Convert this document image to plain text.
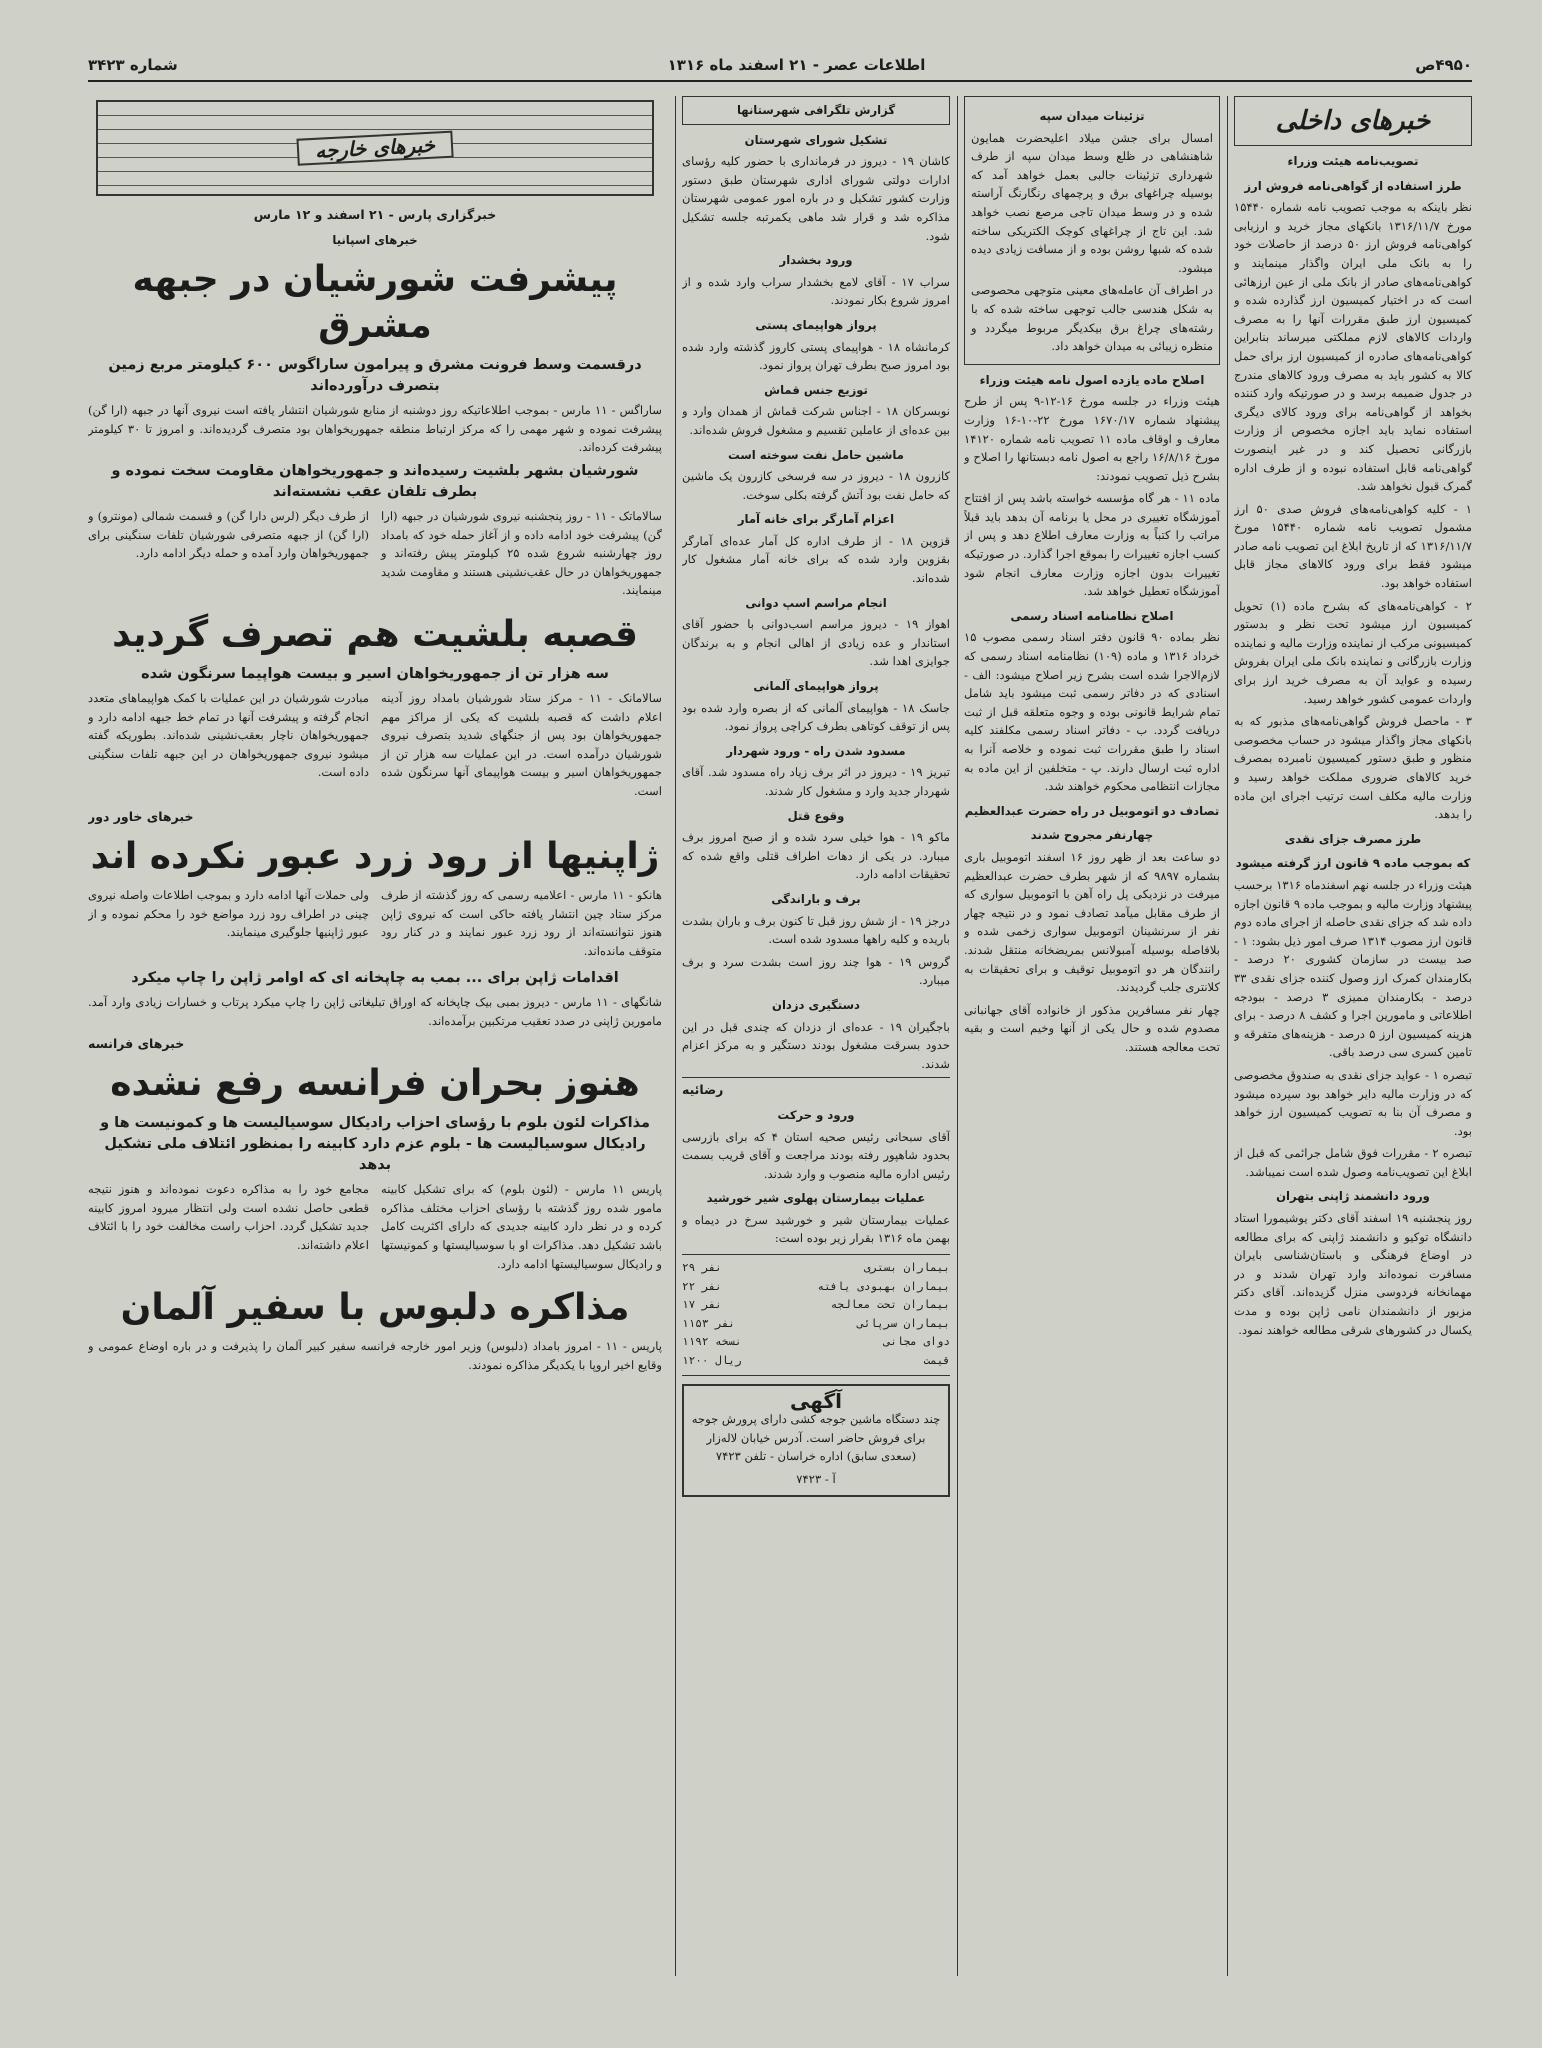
۴۹۵۰ص
اطلاعات عصر - ۲۱ اسفند ماه ۱۳۱۶
شماره ۳۴۲۳
خبرهای داخلی
تصویب‌نامه هیئت وزراء
طرز استفاده از گواهی‌نامه فروش ارز

نظر باینکه به موجب تصویب نامه شماره ۱۵۴۴۰ مورخ ۱۳۱۶/۱۱/۷ بانکهای مجاز خرید و ارزیابی کواهی‌نامه فروش ارز ۵۰ درصد از حاصلات خود را به بانک ملی ایران واگذار مینمایند و کواهی‌نامه‌های صادر از بانک ملی از عین ارزهائی است که در اختیار کمیسیون ارز گذارده شده و کمیسیون ارز طبق مقررات آنها را به مصرف واردات کالاهای لازم مملکتی میرساند بنابراین کواهی‌نامه‌های صادره از کمیسیون ارز برای حمل کالا به کشور باید به مصرف ورود کالاهای مندرج در جدول ضمیمه برسد و در صورتیکه وارد کننده بخواهد از گواهی‌نامه برای ورود کالای دیگری استفاده نماید باید اجازه مخصوص از وزارت بازرگانی تحصیل کند و در غیر اینصورت گواهی‌نامه قابل استفاده نبوده و از طرف اداره گمرک قبول نخواهد شد.

۱ - کلیه کواهی‌نامه‌های فروش صدی ۵۰ ارز مشمول تصویب نامه شماره ۱۵۴۴۰ مورخ ۱۳۱۶/۱۱/۷ که از تاریخ ابلاغ این تصویب نامه صادر میشود فقط برای ورود کالاهای مجاز قابل استفاده خواهد بود.

۲ - کواهی‌نامه‌های که بشرح ماده (۱) تحویل کمیسیون ارز میشود تحت نظر و بدستور کمیسیونی مرکب از نماینده وزارت مالیه و نماینده وزارت بازرگانی و نماینده بانک ملی ایران بفروش رسیده و عواید آن به مصرف خرید ارز برای واردات عمومی کشور خواهد رسید.

۳ - ماحصل فروش گواهی‌نامه‌های مذبور که به بانکهای مجاز واگذار میشود در حساب مخصوصی منظور و طبق دستور کمیسیون نامبرده بمصرف خرید کالاهای ضروری مملکت خواهد رسید و وزارت مالیه مکلف است ترتیب اجرای این ماده را بدهد.

طرز مصرف جزای نقدی
که بموجب ماده ۹ قانون ارز گرفته میشود

هیئت وزراء در جلسه نهم اسفندماه ۱۳۱۶ برحسب پیشنهاد وزارت مالیه و بموجب ماده ۹ قانون اجازه داده شد که جزای نقدی حاصله از اجرای ماده دوم قانون ارز مصوب ۱۳۱۴ صرف امور ذیل بشود: ۱ - صد بیست در سازمان کشوری ۲۰ درصد - بکارمندان کمرک ارز وصول کننده جزای نقدی ۳۳ درصد - بکارمندان ممیزی ۳ درصد - ببودجه اطلاعاتی و مامورین اجرا و کشف ۸ درصد - برای هزینه کمیسیون ارز ۵ درصد - هزینه‌های متفرقه و تامین کسری سی درصد باقی.

تبصره ۱ - عواید جزای نقدی به صندوق مخصوصی که در وزارت مالیه دایر خواهد بود سپرده میشود و مصرف آن بنا به تصویب کمیسیون ارز خواهد بود.

تبصره ۲ - مقررات فوق شامل جرائمی که قبل از ابلاغ این تصویب‌نامه وصول شده است نمیباشد.

ورود دانشمند ژاپنی بتهران

روز پنجشنبه ۱۹ اسفند آقای دکتر یوشیمورا استاد دانشگاه توکیو و دانشمند ژاپنی که برای مطالعه در اوضاع فرهنگی و باستان‌شناسی بایران مسافرت نموده‌اند وارد تهران شدند و در مهمانخانه فردوسی منزل گزیده‌اند. آقای دکتر مزبور از دانشمندان نامی ژاپن بوده و مدت یکسال در کشورهای شرقی مطالعه خواهند نمود.

تزئینات میدان سپه

امسال برای جشن میلاد اعلیحضرت همایون شاهنشاهی در ظلع وسط میدان سپه از طرف شهرداری تزئینات جالبی بعمل خواهد آمد که بوسیله چراغهای برق و پرچمهای رنگارنگ آراسته شده و در وسط میدان تاجی مرصع نصب خواهد شد. این تاج از چراغهای کوچک الکتریکی ساخته شده که شبها روشن بوده و از مسافت زیادی دیده میشود.

در اطراف آن عامله‌های معینی متوجهی محصوصی به شکل هندسی جالب توجهی ساخته شده که با رشته‌های چراغ برق بیکدیگر مربوط میگردد و منظره زیبائی به میدان خواهد داد.

اصلاح ماده یازده اصول نامه هیئت وزراء

هیئت وزراء در جلسه مورخ ۱۶-۱۲-۹ پس از طرح پیشنهاد شماره ۱۶۷۰/۱۷ مورخ ۲۲-۱۰-۱۶ وزارت معارف و اوقاف ماده ۱۱ تصویب نامه شماره ۱۴۱۲۰ مورخ ۱۶/۸/۱۶ راجع به اصول نامه دبستانها را اصلاح و بشرح ذیل تصویب نمودند:

ماده ۱۱ - هر گاه مؤسسه خواسته باشد پس از افتتاح آموزشگاه تغییری در محل یا برنامه آن بدهد باید قبلاً مراتب را کتباً به وزارت معارف اطلاع دهد و پس از کسب اجازه تغییرات را بموقع اجرا گذارد. در صورتیکه تغییرات بدون اجازه وزارت معارف انجام شود آموزشگاه تعطیل خواهد شد.

اصلاح نظامنامه اسناد رسمی

نظر بماده ۹۰ قانون دفتر اسناد رسمی مصوب ۱۵ خرداد ۱۳۱۶ و ماده (۱۰۹) نظامنامه اسناد رسمی که لازم‌الاجرا شده است بشرح زیر اصلاح میشود: الف - اسنادی که در دفاتر رسمی ثبت میشود باید شامل تمام شرایط قانونی بوده و وجوه متعلقه قبل از ثبت دریافت گردد. ب - دفاتر اسناد رسمی مکلفند کلیه اسناد را طبق مقررات ثبت نموده و خلاصه آنرا به اداره ثبت ارسال دارند. پ - متخلفین از این ماده به مجازات انتظامی محکوم خواهند شد.

تصادف دو اتوموبیل در راه حضرت عبدالعظیم
چهارنفر مجروح شدند

دو ساعت بعد از ظهر روز ۱۶ اسفند اتوموبیل باری بشماره ۹۸۹۷ که از شهر بطرف حضرت عبدالعظیم میرفت در نزدیکی پل راه آهن با اتوموبیل سواری که از طرف مقابل میآمد تصادف نمود و در نتیجه چهار نفر از سرنشینان اتوموبیل سواری زخمی شده و بلافاصله بوسیله آمبولانس بمریضخانه منتقل شدند. رانندگان هر دو اتوموبیل توقیف و برای تحقیقات به کلانتری جلب گردیدند.

چهار نفر مسافرین مذکور از خانواده آقای جهانبانی مصدوم شده و حال یکی از آنها وخیم است و بقیه تحت معالجه هستند.

گزارش تلگرافی شهرستانها
تشکیل شورای شهرستان

کاشان ۱۹ - دیروز در فرمانداری با حضور کلیه رؤسای ادارات دولتی شورای اداری شهرستان طبق دستور وزارت کشور تشکیل و در باره امور عمومی شهرستان مذاکره شد و قرار شد ماهی یکمرتبه جلسه تشکیل شود.

ورود بخشدار

سراب ۱۷ - آقای لامع بخشدار سراب وارد شده و از امروز شروع بکار نمودند.

پرواز هواپیمای پستی

کرمانشاه ۱۸ - هواپیمای پستی کاروز گذشته وارد شده بود امروز صبح بطرف تهران پرواز نمود.

توزیع جنس قماش

نوبسرکان ۱۸ - اجناس شرکت قماش از همدان وارد و بین عده‌ای از عاملین تقسیم و مشغول فروش شده‌اند.

ماشین حامل نفت سوخته است

کازرون ۱۸ - دیروز در سه فرسخی کازرون یک ماشین که حامل نفت بود آتش گرفته بکلی سوخت.

اعزام آمارگر برای خانه آمار

قزوین ۱۸ - از طرف اداره کل آمار عده‌ای آمارگر بقزوین وارد شده که برای خانه آمار مشغول کار شده‌اند.

انجام مراسم اسپ دوانی

اهواز ۱۹ - دیروز مراسم اسب‌دوانی با حضور آقای استاندار و عده زیادی از اهالی انجام و به برندگان جوایزی اهدا شد.

پرواز هواپیمای آلمانی

جاسک ۱۸ - هواپیمای آلمانی که از بصره وارد شده بود پس از توقف کوتاهی بطرف کراچی پرواز نمود.

مسدود شدن راه - ورود شهردار

تبریز ۱۹ - دیروز در اثر برف زیاد راه مسدود شد. آقای شهردار جدید وارد و مشغول کار شدند.

وقوع قتل

ماکو ۱۹ - هوا خیلی سرد شده و از صبح امروز برف میبارد. در یکی از دهات اطراف قتلی واقع شده که تحقیقات ادامه دارد.

برف و باراندگی

درجز ۱۹ - از شش روز قبل تا کنون برف و باران بشدت باریده و کلیه راهها مسدود شده است.

گروس ۱۹ - هوا چند روز است بشدت سرد و برف میبارد.

دستگیری دزدان

باجگیران ۱۹ - عده‌ای از دزدان که چندی قبل در این حدود بسرقت مشغول بودند دستگیر و به مرکز اعزام شدند.

رضائیه
ورود و حرکت

آقای سبحانی رئیس صحیه استان ۴ که برای بازرسی بحدود شاهپور رفته بودند مراجعت و آقای قریب بسمت رئیس اداره مالیه منصوب و وارد شدند.

عملیات بیمارستان پهلوی شیر خورشید

عملیات بیمارستان شیر و خورشید سرخ در دیماه و بهمن ماه ۱۳۱۶ بقرار زیر بوده است:

۲۹ نفر	بیماران بستری
۲۲ نفر	بیماران بهبودی یافته
۱۷ نفر	بیماران تحت معالجه
۱۱۵۳ نفر	بیماران سرپائی
۱۱۹۲ نسخه	دوای مجانی
۱۲۰۰ ریال	قیمت
آگهی

چند دستگاه ماشین جوجه کشی دارای پرورش جوجه برای فروش حاضر است. آدرس خیابان لاله‌زار (سعدی سابق) اداره خراسان - تلفن ۷۴۲۳

آ - ۷۴۲۳
خبرهای خارجه
خبرگزاری پارس - ۲۱ اسفند و ۱۲ مارس
خبرهای اسپانیا
پیشرفت شورشیان در جبهه مشرق
درقسمت وسط فرونت مشرق و پیرامون ساراگوس ۶۰۰ کیلومتر مربع زمین بتصرف درآورده‌اند

ساراگس - ۱۱ مارس - بموجب اطلاعاتیکه روز دوشنبه از منابع شورشیان انتشار یافته است نیروی آنها در جبهه (ارا گن) پیشرفت نموده و شهر مهمی را که مرکز ارتباط منطقه جمهوریخواهان بود متصرف گردیده‌اند. و امروز تا ۳۰ کیلومتر پیشرفت کرده‌اند.

شورشیان بشهر بلشیت رسیده‌اند و جمهوریخواهان مقاومت سخت نموده و بطرف تلفان عقب نشسته‌اند

سالاماتک - ۱۱ - روز پنجشنبه نیروی شورشیان در جبهه (ارا گن) پیشرفت خود ادامه داده و از آغاز حمله خود که بامداد روز چهارشنبه شروع شده ۲۵ کیلومتر پیش رفته‌اند و جمهوریخواهان در حال عقب‌نشینی هستند و مقاومت شدید مینمایند.

از طرف دیگر (لرس دارا گن) و قسمت شمالی (مونترو) و (ارا گن) از جبهه متصرفی شورشیان تلفات سنگینی برای جمهوریخواهان وارد آمده و حمله دیگر ادامه دارد.

قصبه بلشیت هم تصرف گردید
سه هزار تن از جمهوریخواهان اسیر و بیست هواپیما سرنگون شده

سالامانک - ۱۱ - مرکز ستاد شورشیان بامداد روز آدینه اعلام داشت که قصبه بلشیت که یکی از مراکز مهم جمهوریخواهان بود پس از جنگهای شدید بتصرف نیروی شورشیان درآمده است. در این عملیات سه هزار تن از جمهوریخواهان اسیر و بیست هواپیمای آنها سرنگون شده است.

مبادرت شورشیان در این عملیات با کمک هواپیماهای متعدد انجام گرفته و پیشرفت آنها در تمام خط جبهه ادامه دارد و جمهوریخواهان ناچار بعقب‌نشینی شده‌اند. بطوریکه گفته میشود نیروی جمهوریخواهان در این جبهه تلفات سنگینی داده است.

خبرهای خاور دور
ژاپنیها از رود زرد عبور نکرده اند

هانکو - ۱۱ مارس - اعلامیه رسمی که روز گذشته از طرف مرکز ستاد چین انتشار یافته حاکی است که نیروی ژاپن هنوز نتوانسته‌اند از رود زرد عبور نمایند و در کنار رود متوقف مانده‌اند.

ولی حملات آنها ادامه دارد و بموجب اطلاعات واصله نیروی چینی در اطراف رود زرد مواضع خود را محکم نموده و از عبور ژاپنیها جلوگیری مینمایند.

اقدامات ژاپن برای ... بمب به چاپخانه ای که اوامر ژاپن را چاپ میکرد

شانگهای - ۱۱ مارس - دیروز بمبی بیک چاپخانه که اوراق تبلیغاتی ژاپن را چاپ میکرد پرتاب و خسارات زیادی وارد آمد. مامورین ژاپنی در صدد تعقیب مرتکبین برآمده‌اند.

خبرهای فرانسه
هنوز بحران فرانسه رفع نشده
مذاکرات لئون بلوم با رؤسای احزاب رادیکال سوسیالیست ها و کمونیست ها و رادیکال سوسیالیست ها - بلوم عزم دارد کابینه را بمنظور ائتلاف ملی تشکیل بدهد

پاریس ۱۱ مارس - (لئون بلوم) که برای تشکیل کابینه مامور شده روز گذشته با رؤسای احزاب مختلف مذاکره کرده و در نظر دارد کابینه جدیدی که دارای اکثریت کامل باشد تشکیل دهد. مذاکرات او با سوسیالیستها و کمونیستها و رادیکال سوسیالیستها ادامه دارد.

مجامع خود را به مذاکره دعوت نموده‌اند و هنوز نتیجه قطعی حاصل نشده است ولی انتظار میرود امروز کابینه جدید تشکیل گردد. احزاب راست مخالفت خود را با ائتلاف اعلام داشته‌اند.

مذاکره دلبوس با سفیر آلمان

پاریس - ۱۱ - امروز بامداد (دلبوس) وزیر امور خارجه فرانسه سفیر کبیر آلمان را پذیرفت و در باره اوضاع عمومی و وقایع اخیر اروپا با یکدیگر مذاکره نمودند.
